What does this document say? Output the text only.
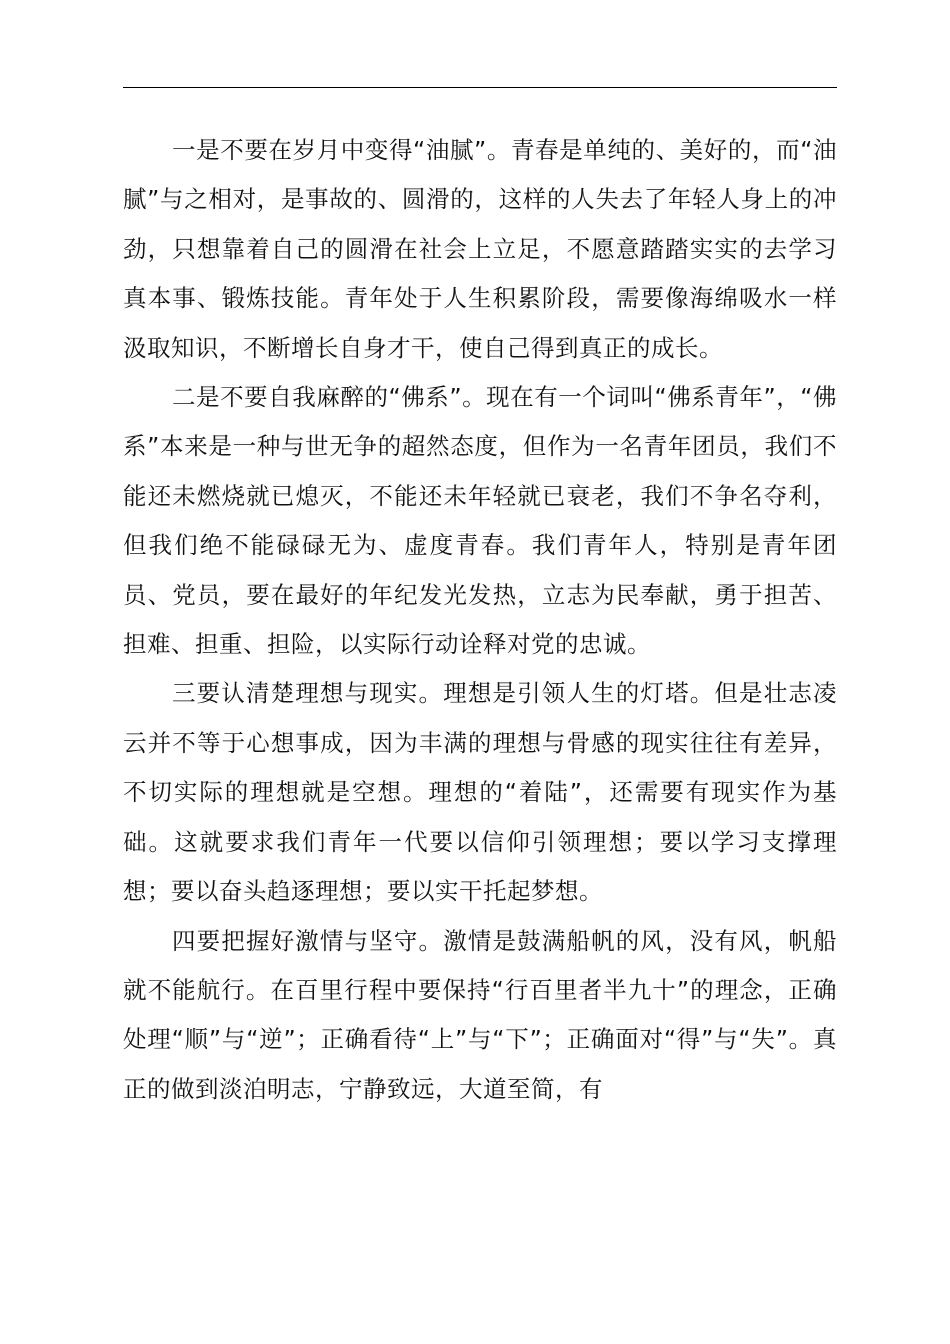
一是不要在岁月中变得“油腻”。青春是单纯的、美好的，而“油腻”与之相对，是事故的、圆滑的，这样的人失去了年轻人身上的冲劲，只想靠着自己的圆滑在社会上立足，不愿意踏踏实实的去学习真本事、锻炼技能。青年处于人生积累阶段，需要像海绵吸水一样汲取知识，不断增长自身才干，使自己得到真正的成长。

二是不要自我麻醉的“佛系”。现在有一个词叫“佛系青年”，“佛系”本来是一种与世无争的超然态度，但作为一名青年团员，我们不能还未燃烧就已熄灭，不能还未年轻就已衰老，我们不争名夺利，但我们绝不能碌碌无为、虚度青春。我们青年人，特别是青年团员、党员，要在最好的年纪发光发热，立志为民奉献，勇于担苦、担难、担重、担险，以实际行动诠释对党的忠诚。

三要认清楚理想与现实。理想是引领人生的灯塔。但是壮志凌云并不等于心想事成，因为丰满的理想与骨感的现实往往有差异，不切实际的理想就是空想。理想的“着陆”，还需要有现实作为基础。这就要求我们青年一代要以信仰引领理想；要以学习支撑理想；要以奋头趋逐理想；要以实干托起梦想。

四要把握好激情与坚守。激情是鼓满船帆的风，没有风，帆船就不能航行。在百里行程中要保持“行百里者半九十”的理念，正确处理“顺”与“逆”；正确看待“上”与“下”；正确面对“得”与“失”。真正的做到淡泊明志，宁静致远，大道至简，有
